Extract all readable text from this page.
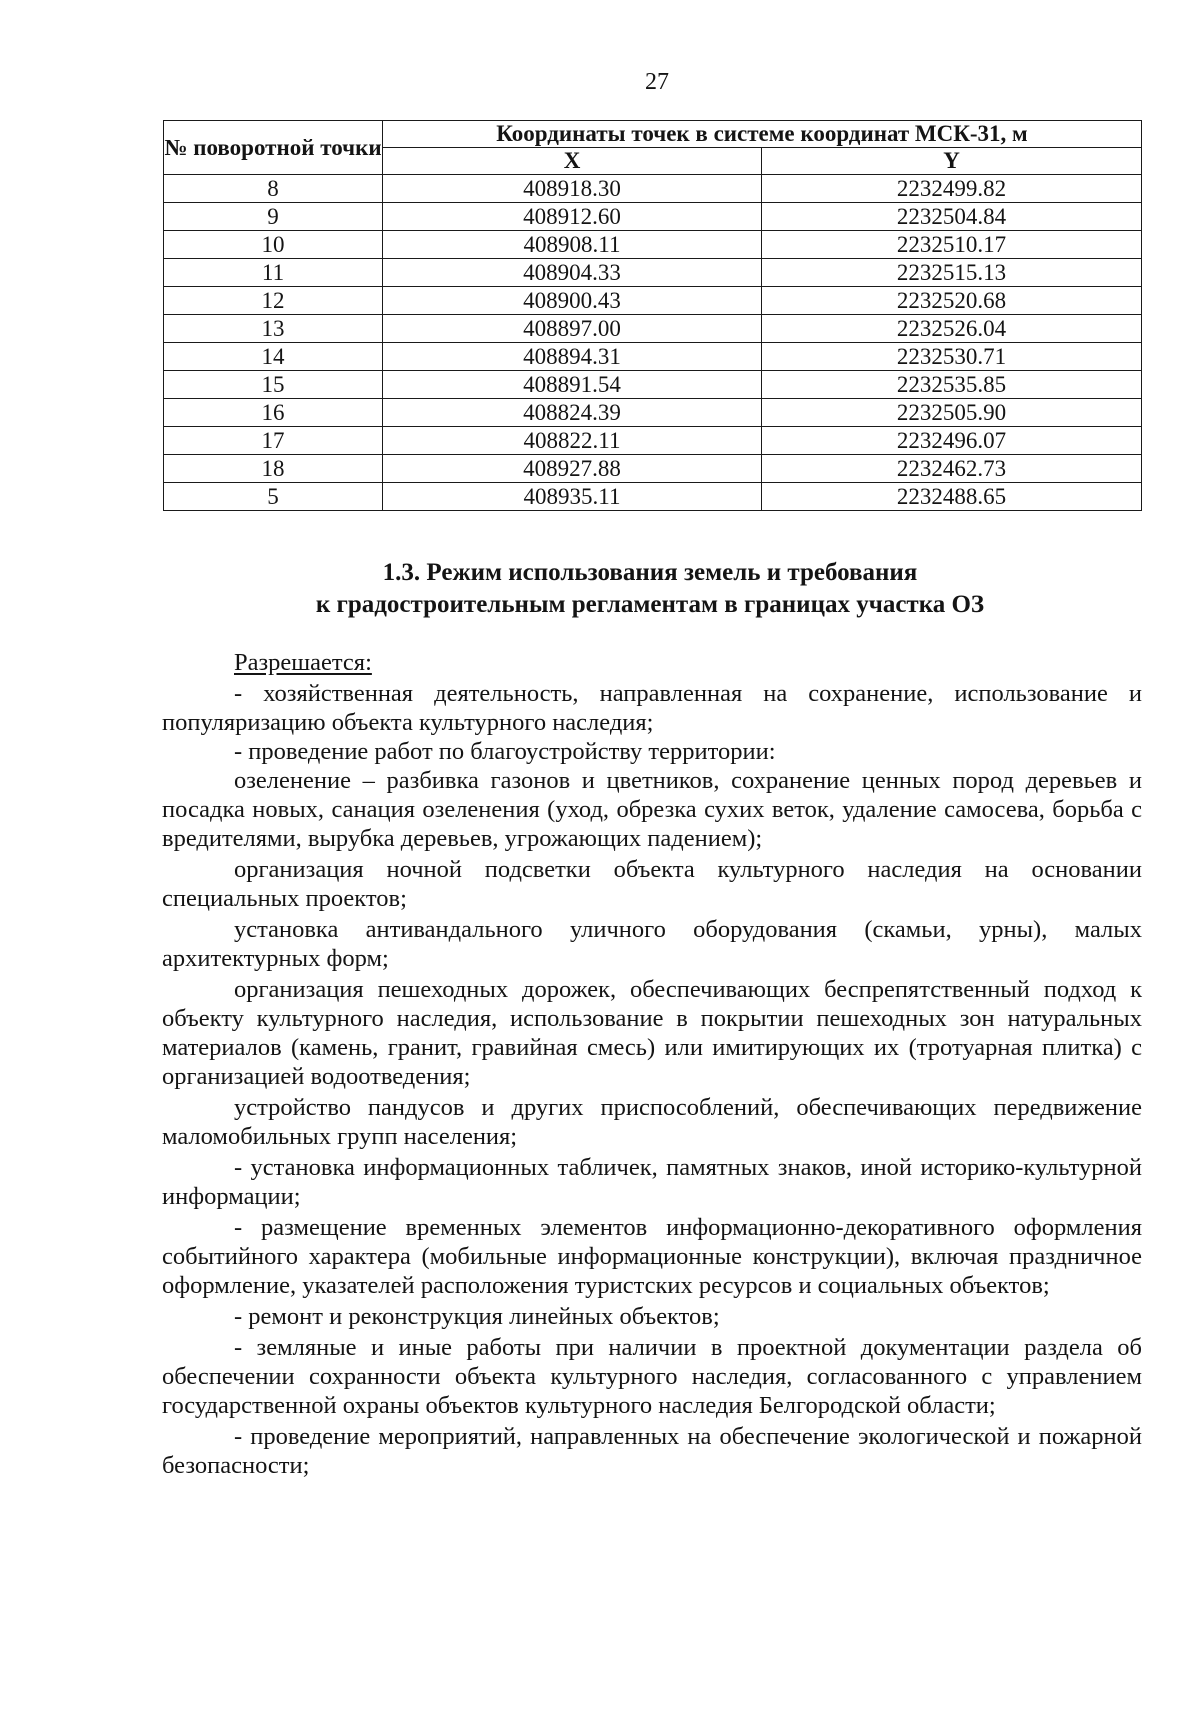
27
№ поворотной точки	Координаты точек в системе координат МСК-31, м	
	X	Y
8	408918.30	2232499.82
9	408912.60	2232504.84
10	408908.11	2232510.17
11	408904.33	2232515.13
12	408900.43	2232520.68
13	408897.00	2232526.04
14	408894.31	2232530.71
15	408891.54	2232535.85
16	408824.39	2232505.90
17	408822.11	2232496.07
18	408927.88	2232462.73
5	408935.11	2232488.65
1.3. Режим использования земель и требования
к градостроительным регламентам в границах участка ОЗ

Разрешается:

- хозяйственная деятельность, направленная на сохранение, использование и популяризацию объекта культурного наследия;

- проведение работ по благоустройству территории:

озеленение – разбивка газонов и цветников, сохранение ценных пород деревьев и посадка новых, санация озеленения (уход, обрезка сухих веток, удаление самосева, борьба с вредителями, вырубка деревьев, угрожающих падением);

организация ночной подсветки объекта культурного наследия на основании специальных проектов;

установка антивандального уличного оборудования (скамьи, урны), малых архитектурных форм;

организация пешеходных дорожек, обеспечивающих беспрепятственный подход к объекту культурного наследия, использование в покрытии пешеходных зон натуральных материалов (камень, гранит, гравийная смесь) или имитирующих их (тротуарная плитка) с организацией водоотведения;

устройство пандусов и других приспособлений, обеспечивающих передвижение маломобильных групп населения;

- установка информационных табличек, памятных знаков, иной историко-культурной информации;

- размещение временных элементов информационно-декоративного оформления событийного характера (мобильные информационные конструкции), включая праздничное оформление, указателей расположения туристских ресурсов и социальных объектов;

- ремонт и реконструкция линейных объектов;

- земляные и иные работы при наличии в проектной документации раздела об обеспечении сохранности объекта культурного наследия, согласованного с управлением государственной охраны объектов культурного наследия Белгородской области;

- проведение мероприятий, направленных на обеспечение экологической и пожарной безопасности;
